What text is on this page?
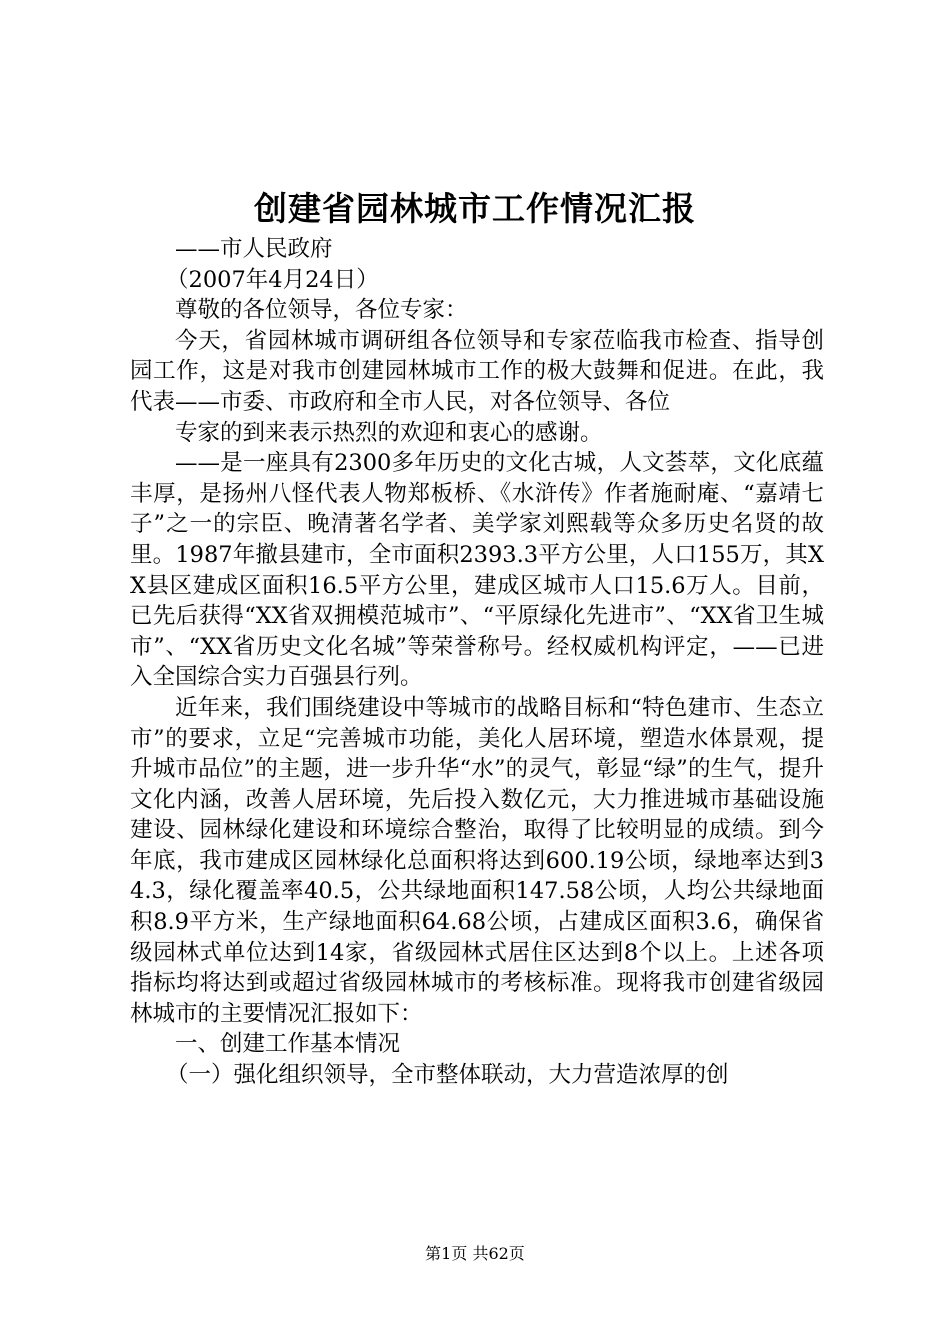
创建省园林城市工作情况汇报

——市人民政府

（2007年4月24日）

尊敬的各位领导，各位专家：

今天，省园林城市调研组各位领导和专家莅临我市检查、指导创园工作，这是对我市创建园林城市工作的极大鼓舞和促进。在此，我代表——市委、市政府和全市人民，对各位领导、各位

专家的到来表示热烈的欢迎和衷心的感谢。

——是一座具有2300多年历史的文化古城，人文荟萃，文化底蕴丰厚，是扬州八怪代表人物郑板桥、《水浒传》作者施耐庵、“嘉靖七子”之一的宗臣、晚清著名学者、美学家刘熙载等众多历史名贤的故里。1987年撤县建市，全市面积2393.3平方公里，人口155万，其XX县区建成区面积16.5平方公里，建成区城市人口15.6万人。目前，已先后获得“XX省双拥模范城市”、“平原绿化先进市”、“XX省卫生城市”、“XX省历史文化名城”等荣誉称号。经权威机构评定，——已进入全国综合实力百强县行列。

近年来，我们围绕建设中等城市的战略目标和“特色建市、生态立市”的要求，立足“完善城市功能，美化人居环境，塑造水体景观，提升城市品位”的主题，进一步升华“水”的灵气，彰显“绿”的生气，提升文化内涵，改善人居环境，先后投入数亿元，大力推进城市基础设施建设、园林绿化建设和环境综合整治，取得了比较明显的成绩。到今年底，我市建成区园林绿化总面积将达到600.19公顷，绿地率达到34.3，绿化覆盖率40.5，公共绿地面积147.58公顷，人均公共绿地面积8.9平方米，生产绿地面积64.68公顷，占建成区面积3.6，确保省级园林式单位达到14家，省级园林式居住区达到8个以上。上述各项指标均将达到或超过省级园林城市的考核标准。现将我市创建省级园林城市的主要情况汇报如下：

一、创建工作基本情况

（一）强化组织领导，全市整体联动，大力营造浓厚的创

第1页 共62页
